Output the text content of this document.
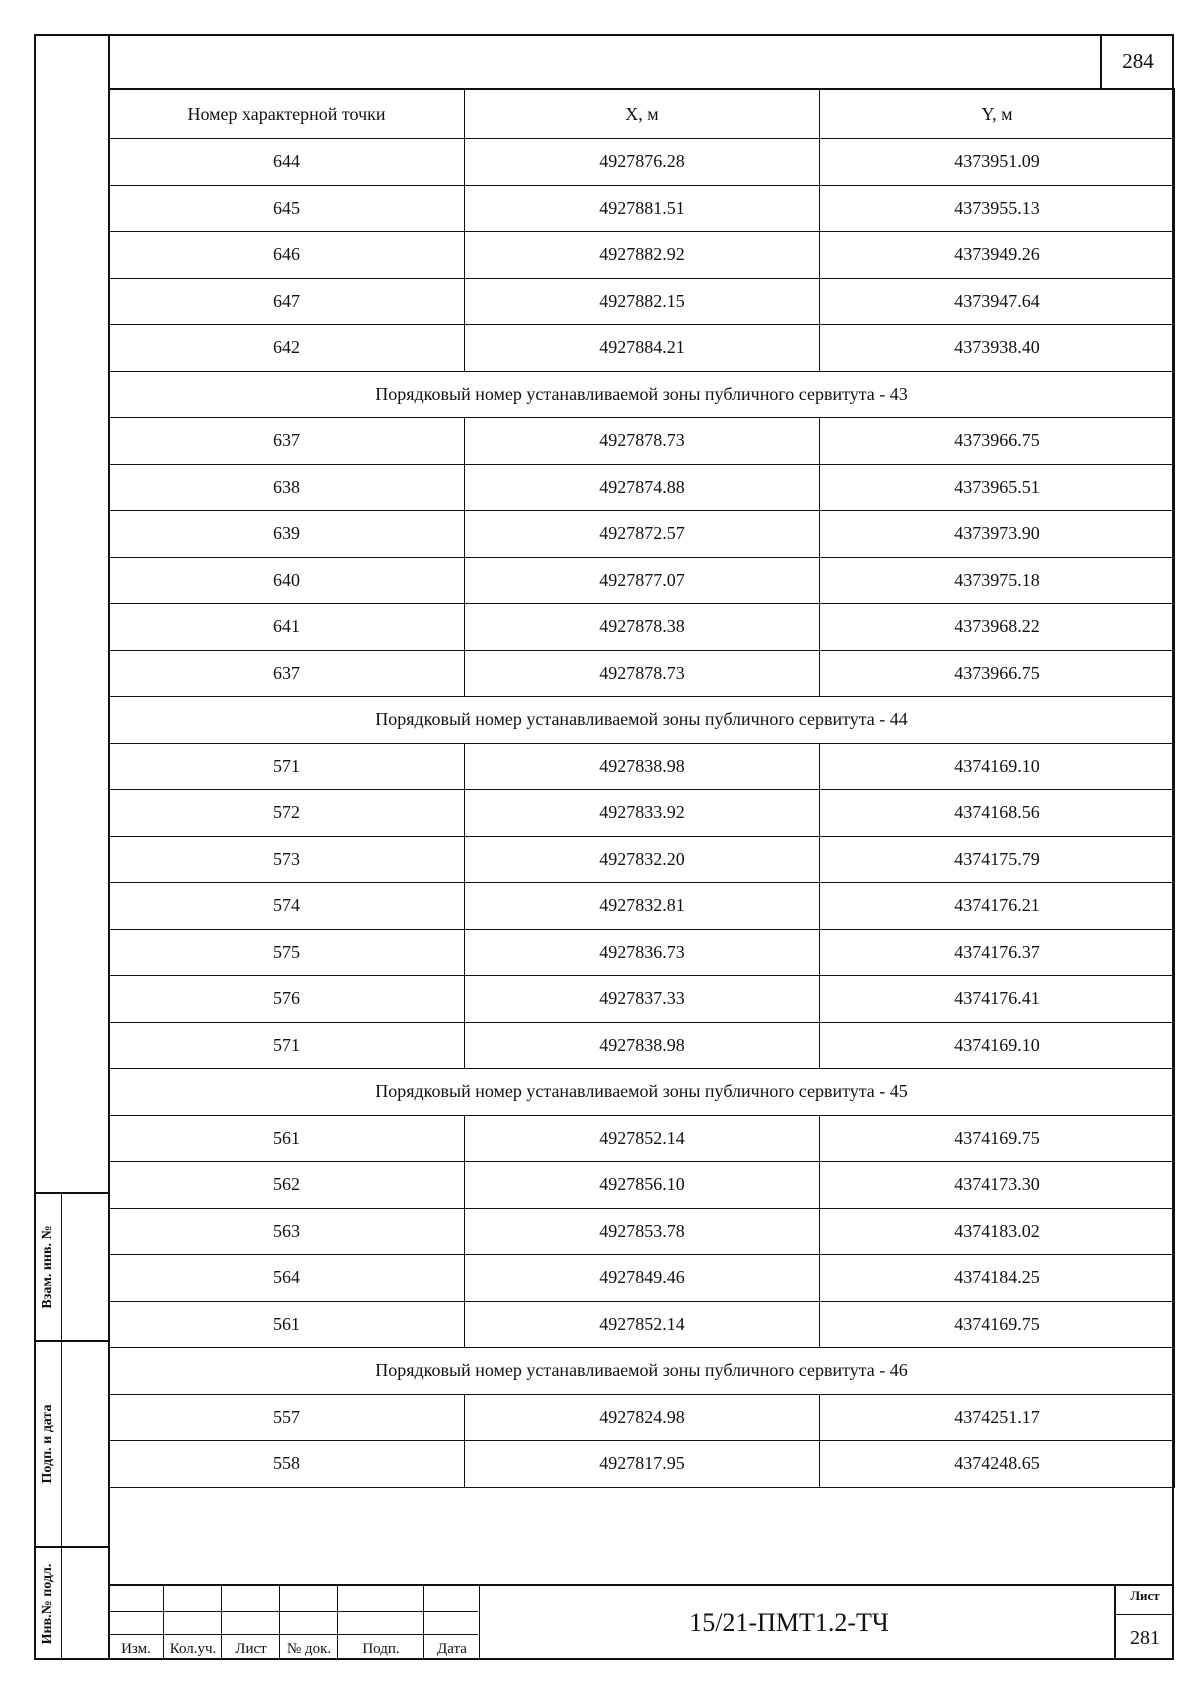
284
Номер характерной точки	X, м	Y, м
644	4927876.28	4373951.09
645	4927881.51	4373955.13
646	4927882.92	4373949.26
647	4927882.15	4373947.64
642	4927884.21	4373938.40
Порядковый номер устанавливаемой зоны публичного сервитута - 43		
637	4927878.73	4373966.75
638	4927874.88	4373965.51
639	4927872.57	4373973.90
640	4927877.07	4373975.18
641	4927878.38	4373968.22
637	4927878.73	4373966.75
Порядковый номер устанавливаемой зоны публичного сервитута - 44		
571	4927838.98	4374169.10
572	4927833.92	4374168.56
573	4927832.20	4374175.79
574	4927832.81	4374176.21
575	4927836.73	4374176.37
576	4927837.33	4374176.41
571	4927838.98	4374169.10
Порядковый номер устанавливаемой зоны публичного сервитута - 45		
561	4927852.14	4374169.75
562	4927856.10	4374173.30
563	4927853.78	4374183.02
564	4927849.46	4374184.25
561	4927852.14	4374169.75
Порядковый номер устанавливаемой зоны публичного сервитута - 46		
557	4927824.98	4374251.17
558	4927817.95	4374248.65
Взам. инв. №
Подп. и дата
Инв.№ подл.
Изм.	Кол.уч.	Лист	№ док.	Подп.	Дата
15/21-ПМТ1.2-ТЧ
Лист
281
